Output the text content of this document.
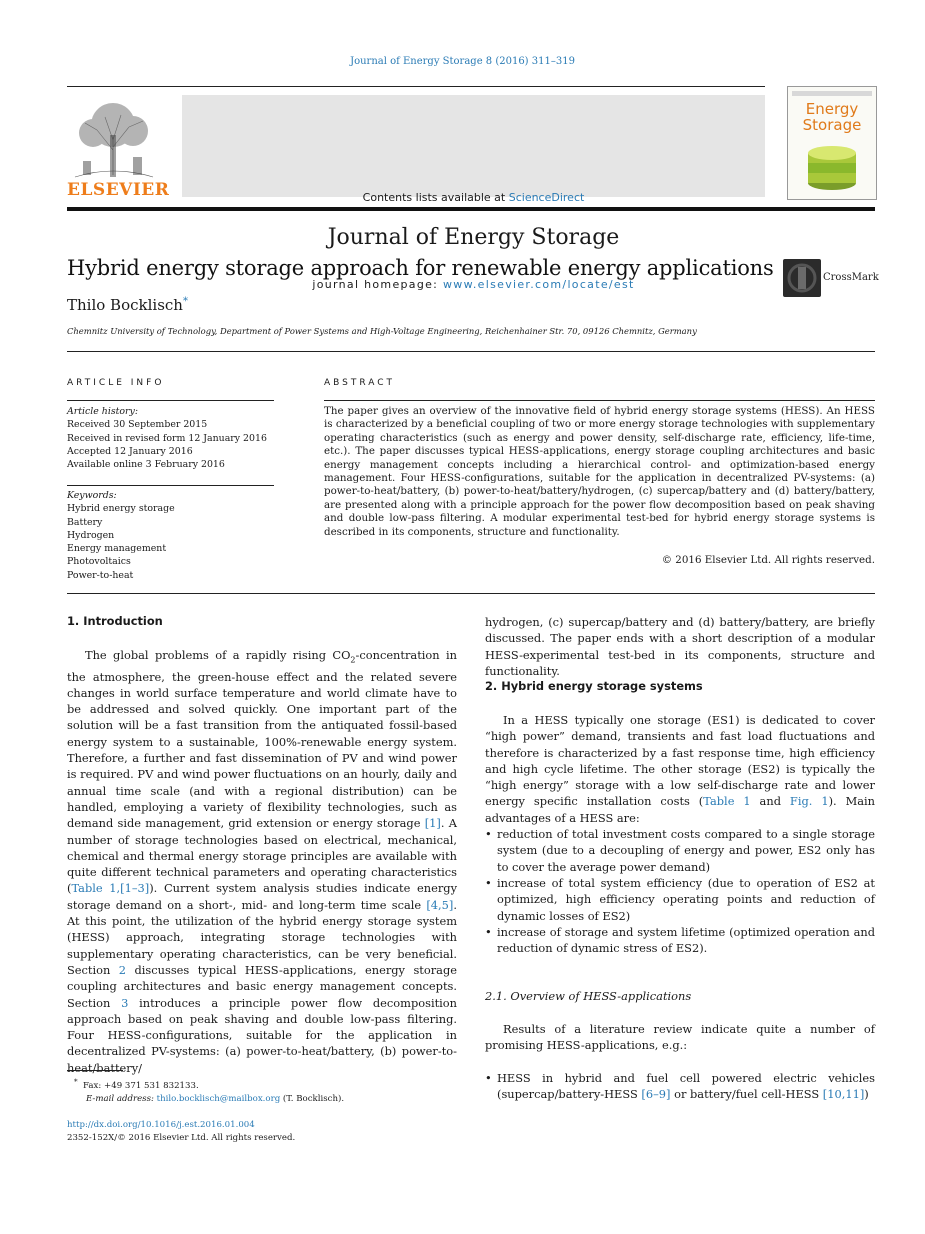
Journal of Energy Storage 8 (2016) 311–319
ELSEVIER	Contents lists available at ScienceDirect
Journal of Energy Storage
journal homepage: www.elsevier.com/locate/est
Energy
Storage
Hybrid energy storage approach for renewable energy applications	CrossMark
Thilo Bocklisch*
Chemnitz University of Technology, Department of Power Systems and High-Voltage Engineering, Reichenhainer Str. 70, 09126 Chemnitz, Germany
ARTICLE INFO
Article history:
Received 30 September 2015
Received in revised form 12 January 2016
Accepted 12 January 2016
Available online 3 February 2016
Keywords:
Hybrid energy storage
Battery
Hydrogen
Energy management
Photovoltaics
Power-to-heat
ABSTRACT
The paper gives an overview of the innovative field of hybrid energy storage systems (HESS). An HESS is characterized by a beneficial coupling of two or more energy storage technologies with supplementary operating characteristics (such as energy and power density, self-discharge rate, efficiency, life-time, etc.). The paper discusses typical HESS-applications, energy storage coupling architectures and basic energy management concepts including a hierarchical control- and optimization-based energy management. Four HESS-configurations, suitable for the application in decentralized PV-systems: (a) power-to-heat/battery, (b) power-to-heat/battery/hydrogen, (c) supercap/battery and (d) battery/battery, are presented along with a principle approach for the power flow decomposition based on peak shaving and double low-pass filtering. A modular experimental test-bed for hybrid energy storage systems is described in its components, structure and functionality.
© 2016 Elsevier Ltd. All rights reserved.
1. Introduction
The global problems of a rapidly rising $CO_2$-concentration in the atmosphere, the green-house effect and the related severe changes in world surface temperature and world climate have to be addressed and solved quickly. One important part of the solution will be a fast transition from the antiquated fossil-based energy system to a sustainable, 100%-renewable energy system. Therefore, a further and fast dissemination of PV and wind power is required. PV and wind power fluctuations on an hourly, daily and annual time scale (and with a regional distribution) can be handled, employing a variety of flexibility technologies, such as demand side management, grid extension or energy storage [1]. A number of storage technologies based on electrical, mechanical, chemical and thermal energy storage principles are available with quite different technical parameters and operating characteristics (Table 1,[1–3]). Current system analysis studies indicate energy storage demand on a short-, mid- and long-term time scale [4,5]. At this point, the utilization of the hybrid energy storage system (HESS) approach, integrating storage technologies with supplementary operating characteristics, can be very beneficial. Section 2 discusses typical HESS-applications, energy storage coupling architectures and basic energy management concepts. Section 3 introduces a principle power flow decomposition approach based on peak shaving and double low-pass filtering. Four HESS-configurations, suitable for the application in decentralized PV-systems: (a) power-to-heat/battery, (b) power-to-heat/battery/
* Fax: +49 371 531 832133.
E-mail address: thilo.bocklisch@mailbox.org (T. Bocklisch).
http://dx.doi.org/10.1016/j.est.2016.01.004
2352-152X/© 2016 Elsevier Ltd. All rights reserved.
hydrogen, (c) supercap/battery and (d) battery/battery, are briefly discussed. The paper ends with a short description of a modular HESS-experimental test-bed in its components, structure and functionality.
2. Hybrid energy storage systems
In a HESS typically one storage (ES1) is dedicated to cover “high power” demand, transients and fast load fluctuations and therefore is characterized by a fast response time, high efficiency and high cycle lifetime. The other storage (ES2) is typically the “high energy” storage with a low self-discharge rate and lower energy specific installation costs (Table 1 and Fig. 1). Main advantages of a HESS are:
• reduction of total investment costs compared to a single storage system (due to a decoupling of energy and power, ES2 only has to cover the average power demand)
• increase of total system efficiency (due to operation of ES2 at optimized, high efficiency operating points and reduction of dynamic losses of ES2)
• increase of storage and system lifetime (optimized operation and reduction of dynamic stress of ES2).
2.1. Overview of HESS-applications
Results of a literature review indicate quite a number of promising HESS-applications, e.g.:
• HESS in hybrid and fuel cell powered electric vehicles (supercap/battery-HESS [6–9] or battery/fuel cell-HESS [10,11])
